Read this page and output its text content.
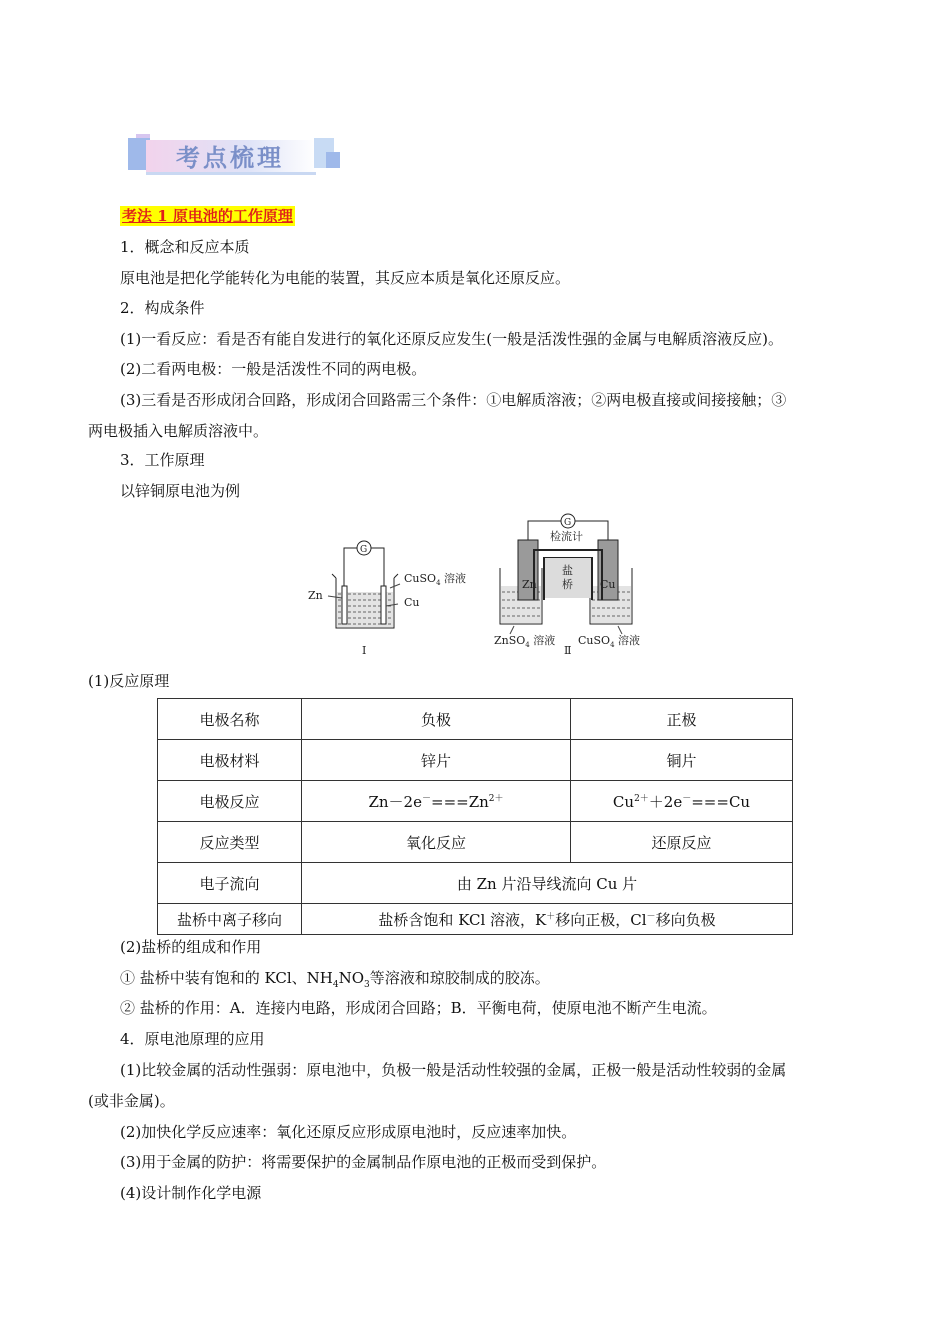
考点梳理
考法 1 原电池的工作原理
1．概念和反应本质
原电池是把化学能转化为电能的装置，其反应本质是氧化还原反应。
2．构成条件
(1)一看反应：看是否有能自发进行的氧化还原反应发生(一般是活泼性强的金属与电解质溶液反应)。
(2)二看两电极：一般是活泼性不同的两电极。
(3)三看是否形成闭合回路，形成闭合回路需三个条件：①电解质溶液；②两电极直接或间接接触；③
两电极插入电解质溶液中。
3．工作原理
以锌铜原电池为例
G
Zn
Cu
CuSO$_4$ 溶液
Ⅰ
G
检流计
Zn	Cu
盐
桥
ZnSO$_4$ 溶液 CuSO$_4$ 溶液
Ⅱ
(1)反应原理
电极名称	负极	正极
电极材料	锌片	铜片
电极反应	$Zn-2e^-===Zn^{2+}$	$Cu^{2+}+2e^-===Cu$
反应类型	氧化反应	还原反应
电子流向	由 Zn 片沿导线流向 Cu 片	
盐桥中离子移向	盐桥含饱和 KCl 溶液，K＋移向正极，Cl－移向负极	
(2)盐桥的组成和作用
① 盐桥中装有饱和的 KCl、$NH_4NO_3$等溶液和琼胶制成的胶冻。
② 盐桥的作用：A．连接内电路，形成闭合回路；B．平衡电荷，使原电池不断产生电流。
4．原电池原理的应用
(1)比较金属的活动性强弱：原电池中，负极一般是活动性较强的金属，正极一般是活动性较弱的金属
(或非金属)。
(2)加快化学反应速率：氧化还原反应形成原电池时，反应速率加快。
(3)用于金属的防护：将需要保护的金属制品作原电池的正极而受到保护。
(4)设计制作化学电源
